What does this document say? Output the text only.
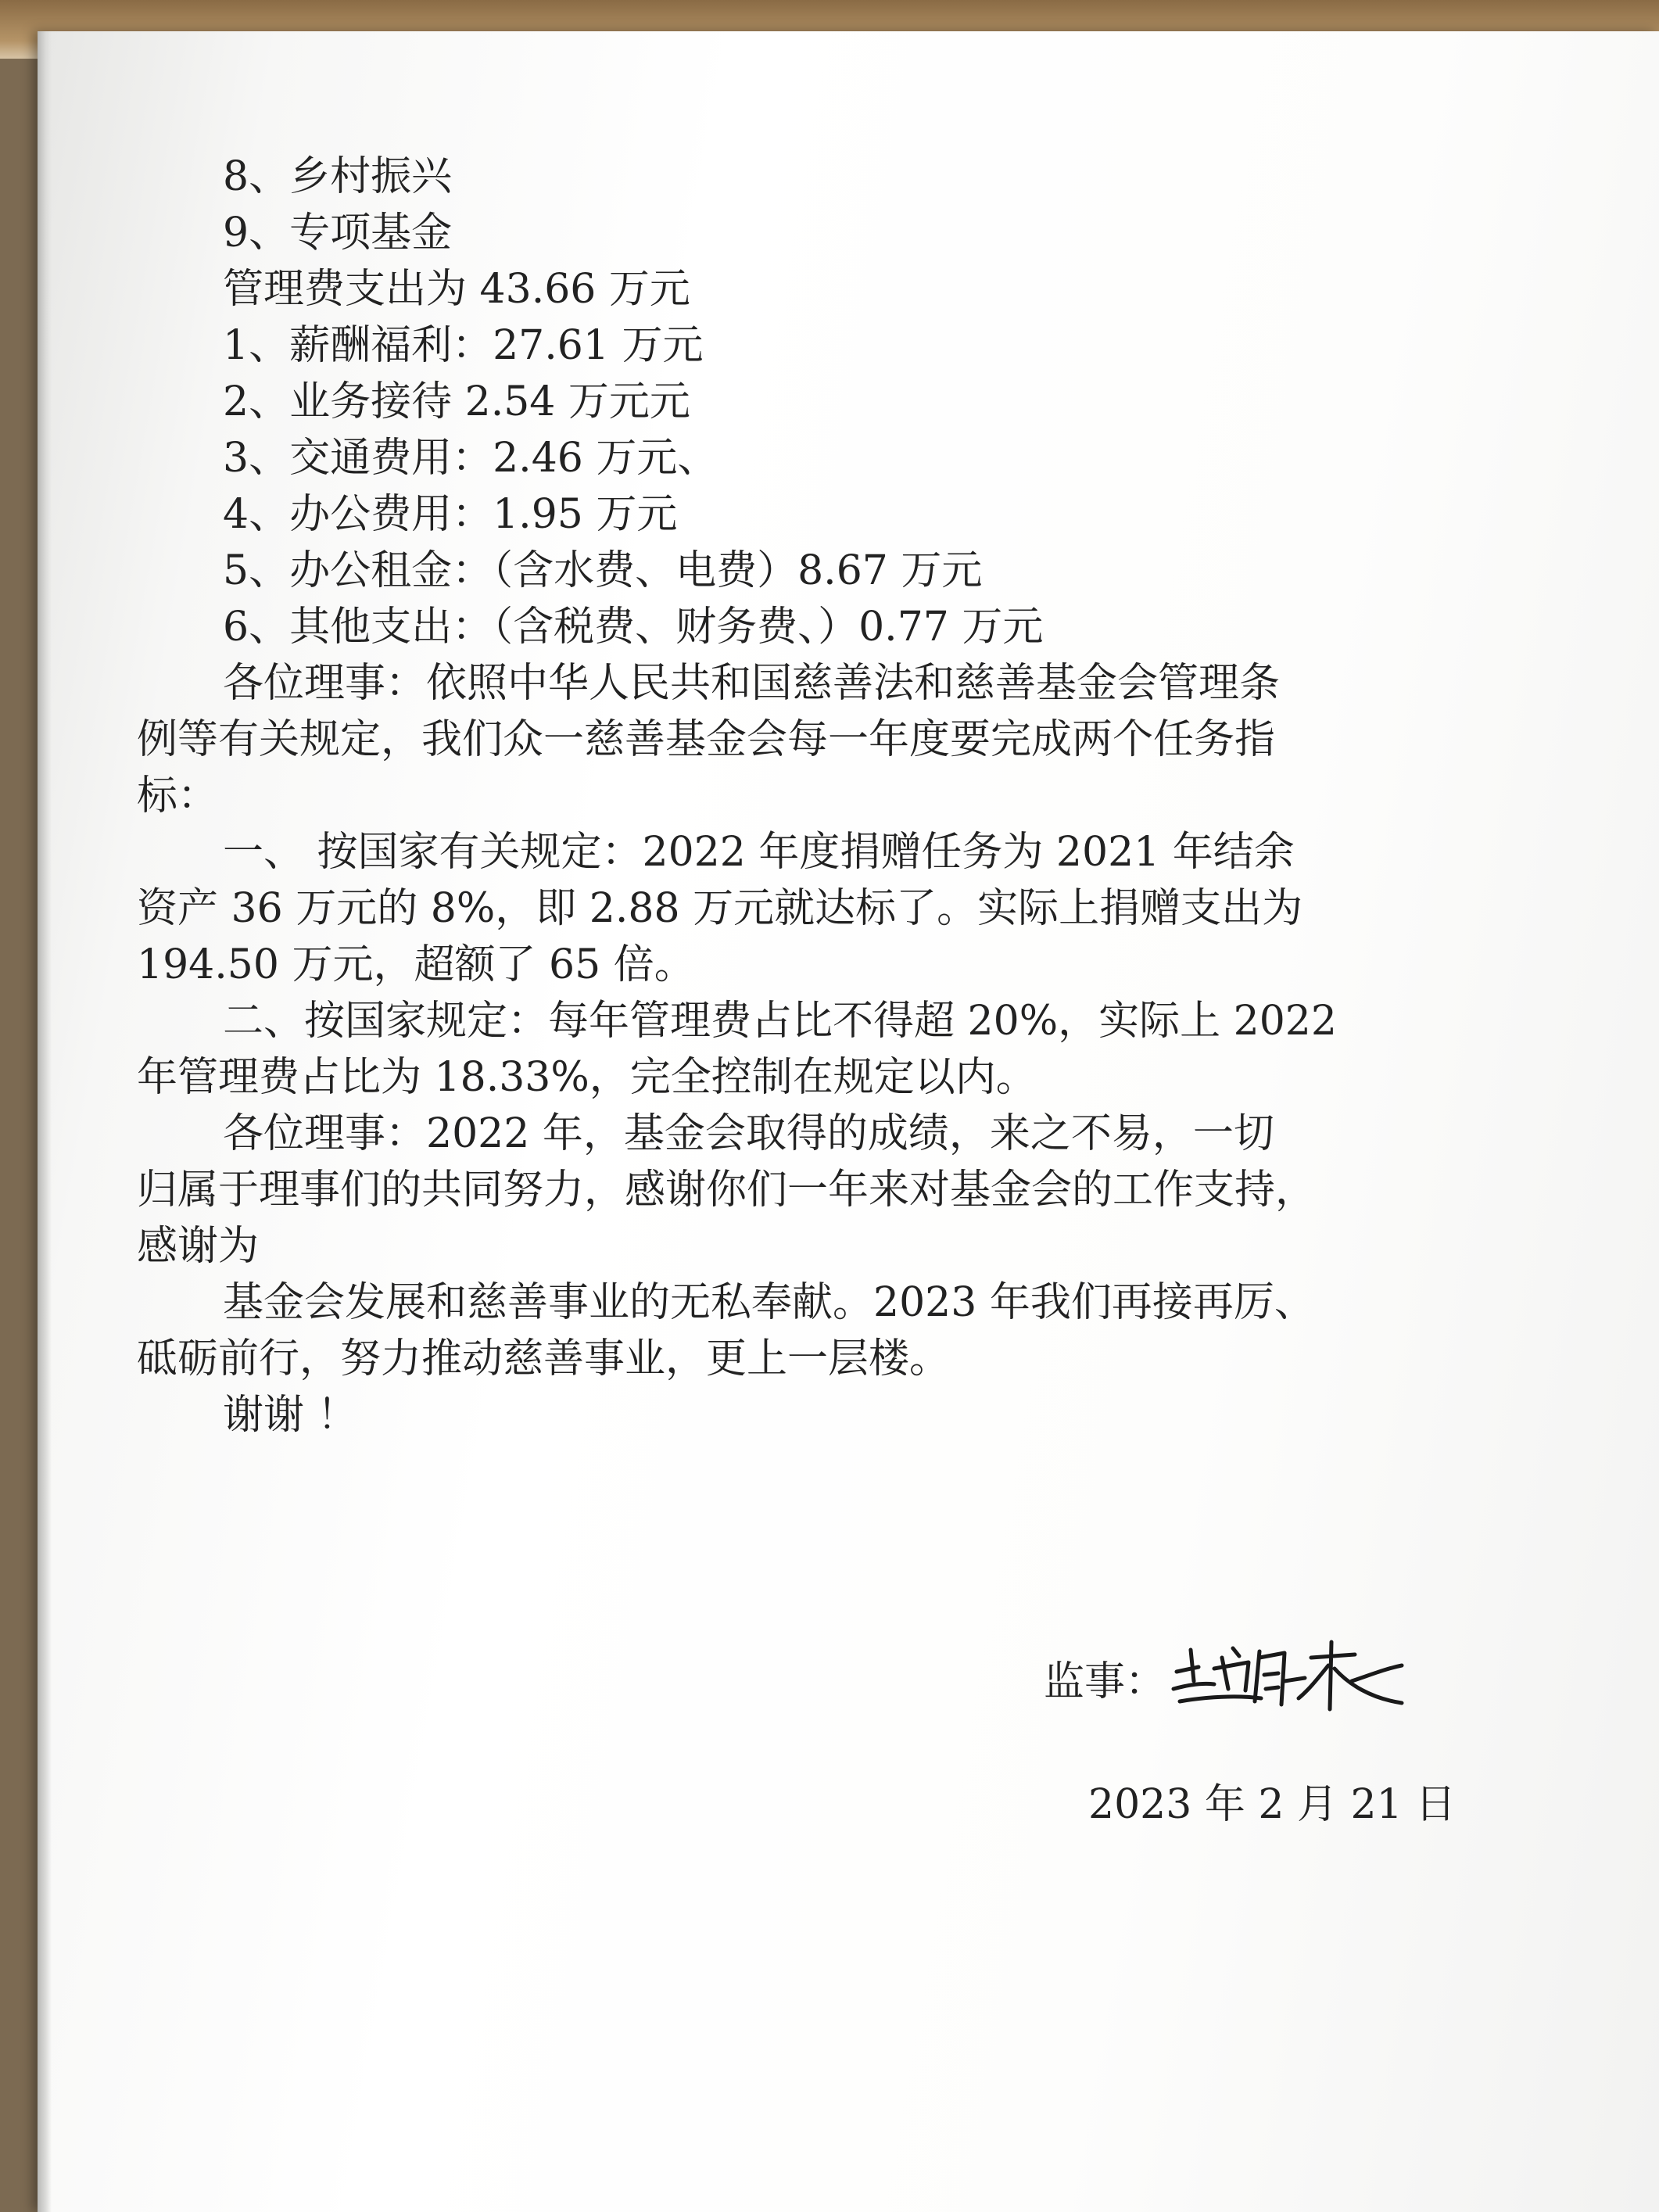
8、乡村振兴
9、专项基金
管理费支出为 43.66 万元
1、薪酬福利：27.61 万元
2、业务接待 2.54 万元元
3、交通费用：2.46 万元、
4、办公费用：1.95 万元
5、办公租金：（含水费、电费）8.67 万元
6、其他支出：（含税费、财务费、）0.77 万元
各位理事：依照中华人民共和国慈善法和慈善基金会管理条
例等有关规定，我们众一慈善基金会每一年度要完成两个任务指
标：
一、 按国家有关规定：2022 年度捐赠任务为 2021 年结余
资产 36 万元的 8%，即 2.88 万元就达标了。实际上捐赠支出为
194.50 万元，超额了 65 倍。
二、按国家规定：每年管理费占比不得超 20%，实际上 2022
年管理费占比为 18.33%，完全控制在规定以内。
各位理事：2022 年，基金会取得的成绩，来之不易，一切
归属于理事们的共同努力，感谢你们一年来对基金会的工作支持，
感谢为
基金会发展和慈善事业的无私奉献。2023 年我们再接再厉、
砥砺前行，努力推动慈善事业，更上一层楼。
谢谢 ！
监事：
2023 年 2 月 21 日
